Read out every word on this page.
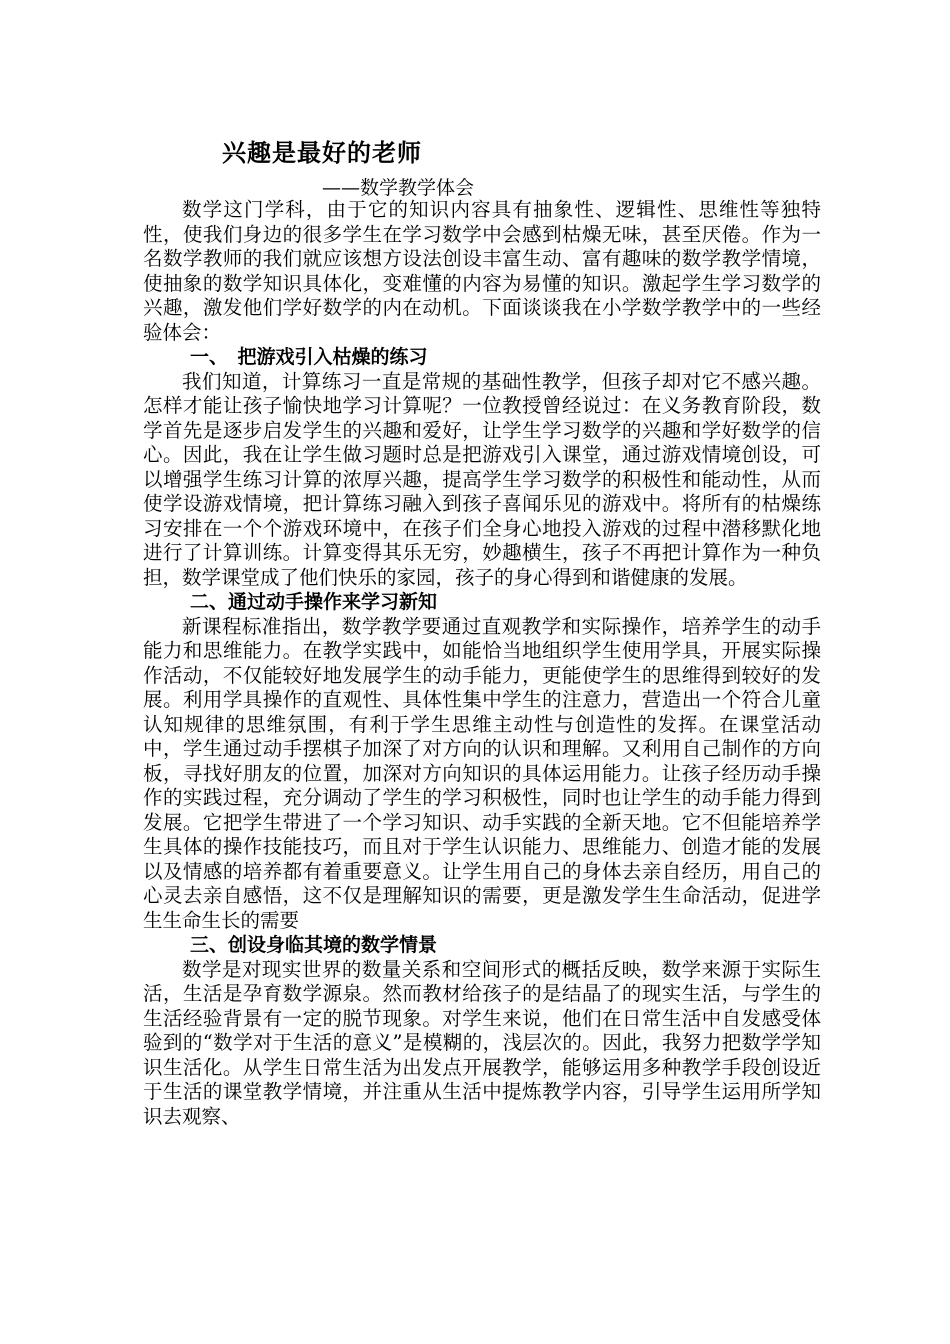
兴趣是最好的老师
——数学教学体会

数学这门学科，由于它的知识内容具有抽象性、逻辑性、思维性等独特性，使我们身边的很多学生在学习数学中会感到枯燥无味，甚至厌倦。作为一名数学教师的我们就应该想方设法创设丰富生动、富有趣味的数学教学情境，使抽象的数学知识具体化，变难懂的内容为易懂的知识。激起学生学习数学的兴趣，激发他们学好数学的内在动机。下面谈谈我在小学数学教学中的一些经验体会：

一、　把游戏引入枯燥的练习

我们知道，计算练习一直是常规的基础性教学，但孩子却对它不感兴趣。怎样才能让孩子愉快地学习计算呢？一位教授曾经说过：在义务教育阶段，数学首先是逐步启发学生的兴趣和爱好，让学生学习数学的兴趣和学好数学的信心。因此，我在让学生做习题时总是把游戏引入课堂，通过游戏情境创设，可以增强学生练习计算的浓厚兴趣，提高学生学习数学的积极性和能动性，从而使学设游戏情境，把计算练习融入到孩子喜闻乐见的游戏中。将所有的枯燥练习安排在一个个游戏环境中，在孩子们全身心地投入游戏的过程中潜移默化地进行了计算训练。计算变得其乐无穷，妙趣横生，孩子不再把计算作为一种负担，数学课堂成了他们快乐的家园，孩子的身心得到和谐健康的发展。

二、通过动手操作来学习新知

新课程标准指出，数学教学要通过直观教学和实际操作，培养学生的动手能力和思维能力。在教学实践中，如能恰当地组织学生使用学具，开展实际操作活动，不仅能较好地发展学生的动手能力，更能使学生的思维得到较好的发展。利用学具操作的直观性、具体性集中学生的注意力，营造出一个符合儿童认知规律的思维氛围，有利于学生思维主动性与创造性的发挥。在课堂活动中，学生通过动手摆棋子加深了对方向的认识和理解。又利用自己制作的方向板，寻找好朋友的位置，加深对方向知识的具体运用能力。让孩子经历动手操作的实践过程，充分调动了学生的学习积极性，同时也让学生的动手能力得到发展。它把学生带进了一个学习知识、动手实践的全新天地。它不但能培养学生具体的操作技能技巧，而且对于学生认识能力、思维能力、创造才能的发展以及情感的培养都有着重要意义。让学生用自己的身体去亲自经历，用自己的心灵去亲自感悟，这不仅是理解知识的需要，更是激发学生生命活动，促进学生生命生长的需要

三、创设身临其境的数学情景

数学是对现实世界的数量关系和空间形式的概括反映，数学来源于实际生活，生活是孕育数学源泉。然而教材给孩子的是结晶了的现实生活，与学生的生活经验背景有一定的脱节现象。对学生来说，他们在日常生活中自发感受体验到的“数学对于生活的意义”是模糊的，浅层次的。因此，我努力把数学学知识生活化。从学生日常生活为出发点开展教学，能够运用多种教学手段创设近于生活的课堂教学情境，并注重从生活中提炼教学内容，引导学生运用所学知识去观察、
